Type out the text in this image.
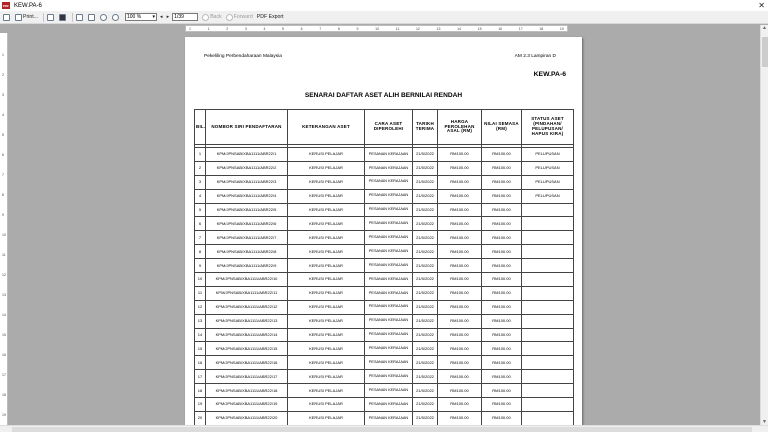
PDF KEW.PA-6	✕
Print...	100 % ▾ ◂ ▸ 1/39	Back Forward PDF Export
1	1	2	3	4	5	6	7	8	9	10	11	12	13	14	15	16	17	18	19
1
2
3
4
5
6
7
8
9
10
11
12
13
14
15
16
17
18
19
Pekeliling Perbendaharaan Malaysia	AM 2.3 Lampiran D
KEW.PA-6
SENARAI DAFTAR ASET ALIH BERNILAI RENDAH
BIL.	NOMBOR SIRI PENDAFTARAN	KETERANGAN ASET	CARA ASET DIPEROLEHI	TARIKH TERIMA	HARGA PEROLEHAN ASAL (RM)	NILAI SEMASA (RM)	STATUS ASET (PINDAHAN/ PELUPUSAN/ HAPUS KIRA)

1	KPM/JPNSAB/XBA1111/ABR22/1	KERUSI PELAJAR	PESANAN KERAJAAN	21/5/2022	RM100.00	RM100.00	PELUPUSAN
2	KPM/JPNSAB/XBA1111/ABR22/2	KERUSI PELAJAR	PESANAN KERAJAAN	21/5/2022	RM100.00	RM100.00	PELUPUSAN
3	KPM/JPNSAB/XBA1111/ABR22/3	KERUSI PELAJAR	PESANAN KERAJAAN	21/5/2022	RM100.00	RM100.00	PELUPUSAN
4	KPM/JPNSAB/XBA1111/ABR22/4	KERUSI PELAJAR	PESANAN KERAJAAN	21/5/2022	RM100.00	RM100.00	PELUPUSAN
5	KPM/JPNSAB/XBA1111/ABR22/5	KERUSI PELAJAR	PESANAN KERAJAAN	21/5/2022	RM100.00	RM100.00	
6	KPM/JPNSAB/XBA1111/ABR22/6	KERUSI PELAJAR	PESANAN KERAJAAN	21/5/2022	RM100.00	RM100.00	
7	KPM/JPNSAB/XBA1111/ABR22/7	KERUSI PELAJAR	PESANAN KERAJAAN	21/5/2022	RM100.00	RM100.00	
8	KPM/JPNSAB/XBA1111/ABR22/8	KERUSI PELAJAR	PESANAN KERAJAAN	21/5/2022	RM100.00	RM100.00	
9	KPM/JPNSAB/XBA1111/ABR22/9	KERUSI PELAJAR	PESANAN KERAJAAN	21/5/2022	RM100.00	RM100.00	
10	KPM/JPNSAB/XBA1111/ABR22/10	KERUSI PELAJAR	PESANAN KERAJAAN	21/5/2022	RM100.00	RM100.00	
11	KPM/JPNSAB/XBA1111/ABR22/11	KERUSI PELAJAR	PESANAN KERAJAAN	21/5/2022	RM100.00	RM100.00	
12	KPM/JPNSAB/XBA1111/ABR22/12	KERUSI PELAJAR	PESANAN KERAJAAN	21/5/2022	RM100.00	RM100.00	
13	KPM/JPNSAB/XBA1111/ABR22/13	KERUSI PELAJAR	PESANAN KERAJAAN	21/5/2022	RM100.00	RM100.00	
14	KPM/JPNSAB/XBA1111/ABR22/14	KERUSI PELAJAR	PESANAN KERAJAAN	21/5/2022	RM100.00	RM100.00	
15	KPM/JPNSAB/XBA1111/ABR22/15	KERUSI PELAJAR	PESANAN KERAJAAN	21/5/2022	RM100.00	RM100.00	
16	KPM/JPNSAB/XBA1111/ABR22/16	KERUSI PELAJAR	PESANAN KERAJAAN	21/5/2022	RM100.00	RM100.00	
17	KPM/JPNSAB/XBA1111/ABR22/17	KERUSI PELAJAR	PESANAN KERAJAAN	21/5/2022	RM100.00	RM100.00	
18	KPM/JPNSAB/XBA1111/ABR22/18	KERUSI PELAJAR	PESANAN KERAJAAN	21/5/2022	RM100.00	RM100.00	
19	KPM/JPNSAB/XBA1111/ABR22/19	KERUSI PELAJAR	PESANAN KERAJAAN	21/5/2022	RM100.00	RM100.00	
20	KPM/JPNSAB/XBA1111/ABR22/20	KERUSI PELAJAR	PESANAN KERAJAAN	21/5/2022	RM100.00	RM100.00	
▲
▼
